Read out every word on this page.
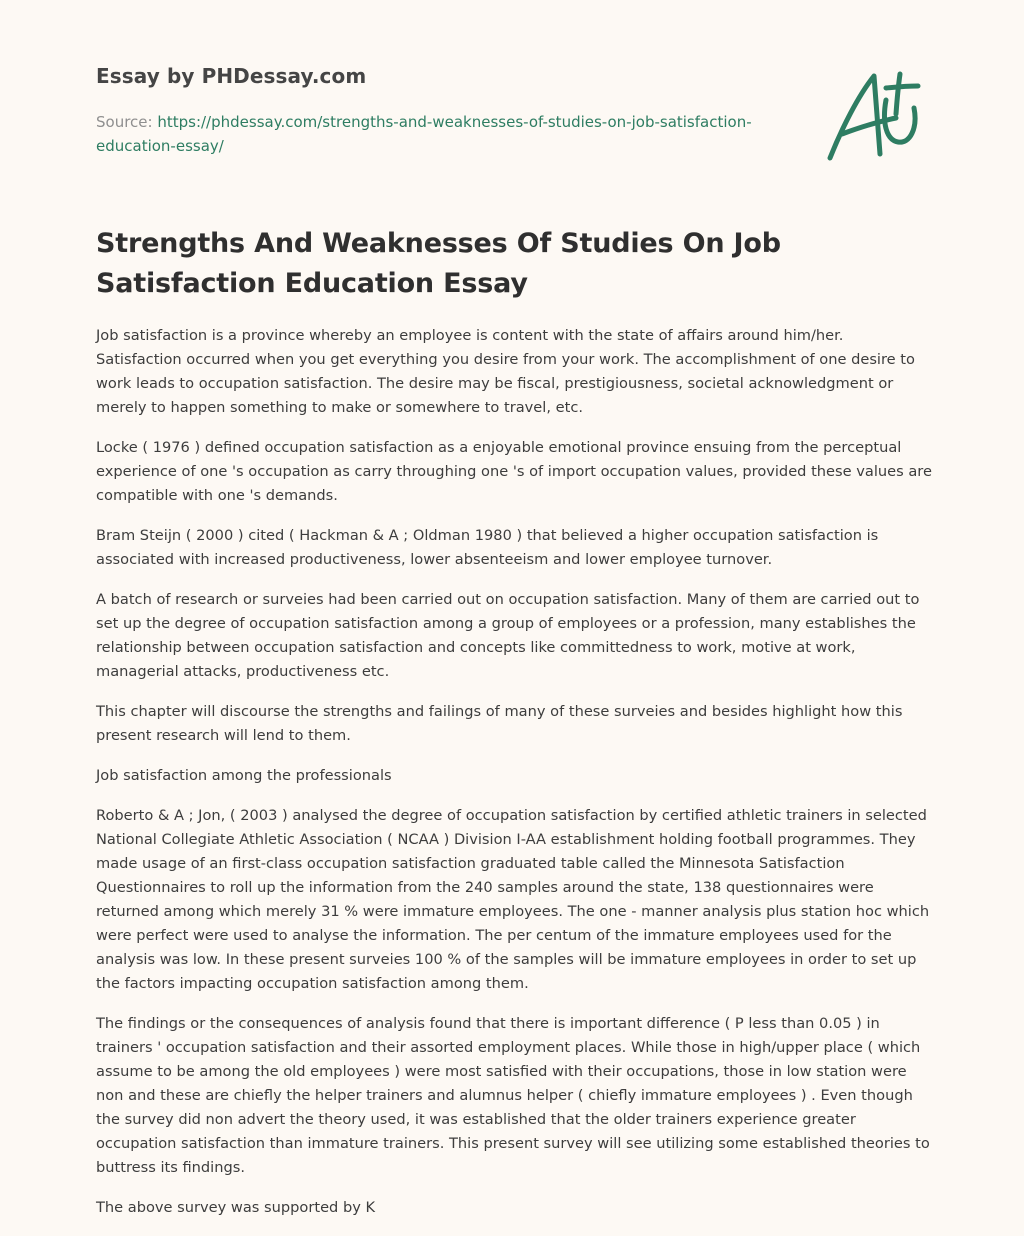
Essay by PHDessay.com
Source: https://phdessay.com/strengths-and-weaknesses-of-studies-on-job-satisfaction-education-essay/
A+
Strengths And Weaknesses Of Studies On Job Satisfaction Education Essay

Job satisfaction is a province whereby an employee is content with the state of affairs around him/her. Satisfaction occurred when you get everything you desire from your work. The accomplishment of one desire to work leads to occupation satisfaction. The desire may be fiscal, prestigiousness, societal acknowledgment or merely to happen something to make or somewhere to travel, etc.

Locke ( 1976 ) defined occupation satisfaction as a enjoyable emotional province ensuing from the perceptual experience of one 's occupation as carry throughing one 's of import occupation values, provided these values are compatible with one 's demands.

Bram Steijn ( 2000 ) cited ( Hackman & A ; Oldman 1980 ) that believed a higher occupation satisfaction is associated with increased productiveness, lower absenteeism and lower employee turnover.

A batch of research or surveies had been carried out on occupation satisfaction. Many of them are carried out to set up the degree of occupation satisfaction among a group of employees or a profession, many establishes the relationship between occupation satisfaction and concepts like committedness to work, motive at work, managerial attacks, productiveness etc.

This chapter will discourse the strengths and failings of many of these surveies and besides highlight how this present research will lend to them.

Job satisfaction among the professionals

Roberto & A ; Jon, ( 2003 ) analysed the degree of occupation satisfaction by certified athletic trainers in selected National Collegiate Athletic Association ( NCAA ) Division I-AA establishment holding football programmes. They made usage of an first-class occupation satisfaction graduated table called the Minnesota Satisfaction Questionnaires to roll up the information from the 240 samples around the state, 138 questionnaires were returned among which merely 31 % were immature employees. The one - manner analysis plus station hoc which were perfect were used to analyse the information. The per centum of the immature employees used for the analysis was low. In these present surveies 100 % of the samples will be immature employees in order to set up the factors impacting occupation satisfaction among them.

The findings or the consequences of analysis found that there is important difference ( P less than 0.05 ) in trainers ' occupation satisfaction and their assorted employment places. While those in high/upper place ( which assume to be among the old employees ) were most satisfied with their occupations, those in low station were non and these are chiefly the helper trainers and alumnus helper ( chiefly immature employees ) . Even though the survey did non advert the theory used, it was established that the older trainers experience greater occupation satisfaction than immature trainers. This present survey will see utilizing some established theories to buttress its findings.

The above survey was supported by K
